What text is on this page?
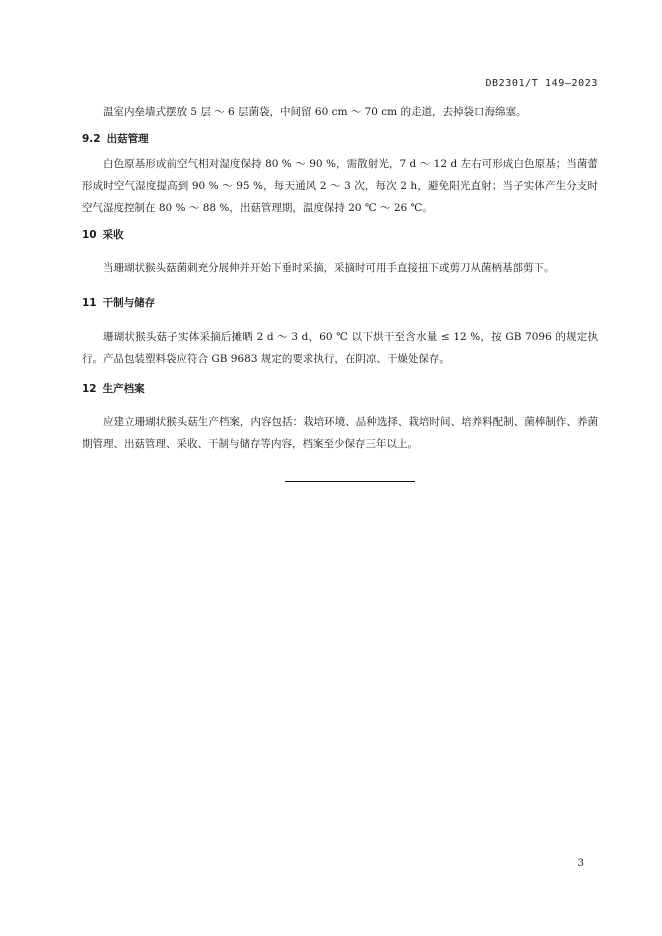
DB2301/T 149—2023

温室内垒墙式摆放 5 层 ～ 6 层菌袋，中间留 60 cm ～ 70 cm 的走道，去掉袋口海绵塞。

9.2 出菇管理

白色原基形成前空气相对湿度保持 80 % ～ 90 %，需散射光，7 d ～ 12 d 左右可形成白色原基；当菌蕾形成时空气湿度提高到 90 % ～ 95 %，每天通风 2 ～ 3 次，每次 2 h，避免阳光直射；当子实体产生分支时空气湿度控制在 80 % ～ 88 %，出菇管理期，温度保持 20 ℃ ～ 26 ℃。

10 采收

当珊瑚状猴头菇菌刺充分展伸并开始下垂时采摘，采摘时可用手直接扭下或剪刀从菌柄基部剪下。

11 干制与储存

珊瑚状猴头菇子实体采摘后摊晒 2 d ～ 3 d，60 ℃ 以下烘干至含水量 ≤ 12 %，按 GB 7096 的规定执行。产品包装塑料袋应符合 GB 9683 规定的要求执行，在阴凉、干燥处保存。

12 生产档案

应建立珊瑚状猴头菇生产档案，内容包括：栽培环境、品种选择、栽培时间、培养料配制、菌棒制作、养菌期管理、出菇管理、采收、干制与储存等内容，档案至少保存三年以上。

3
